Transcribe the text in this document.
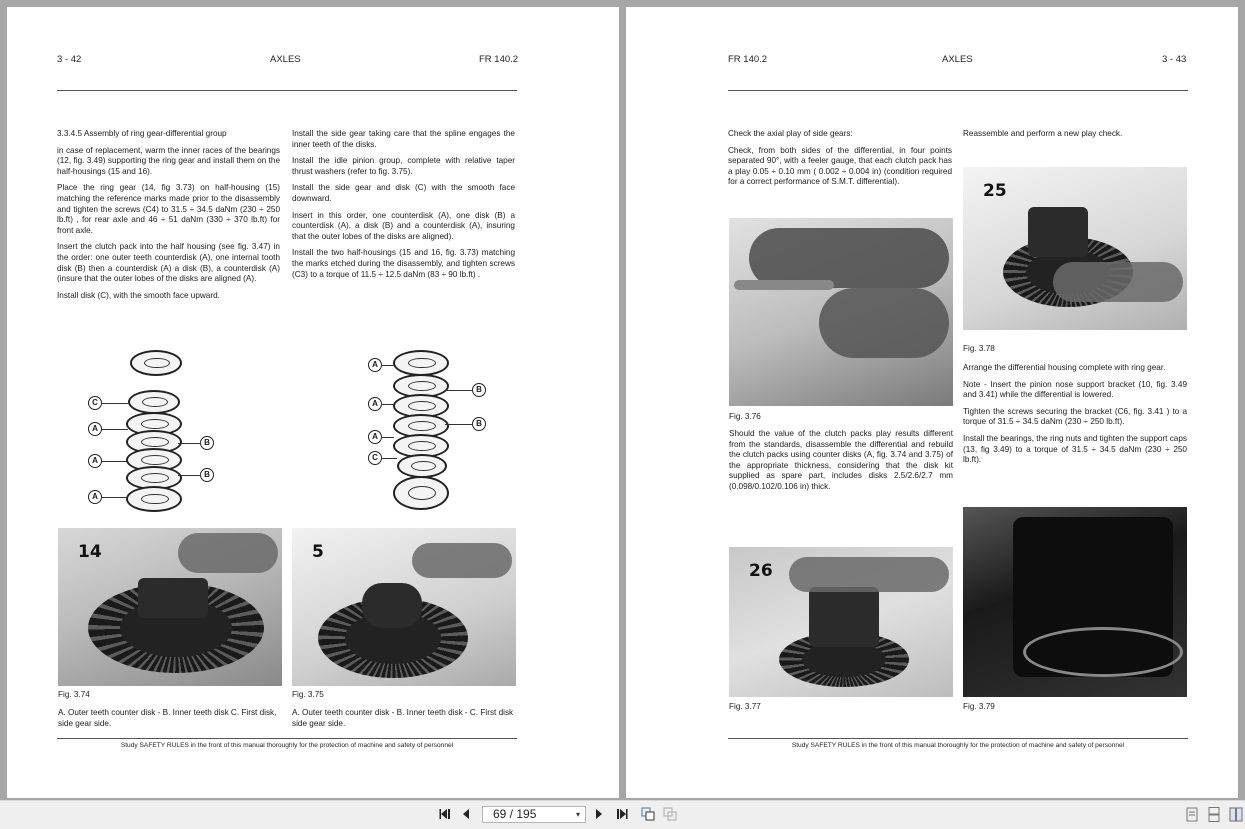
3 - 42	AXLES	FR 140.2

3.3.4.5 Assembly of ring gear-differential group

in case of replacement, warm the inner races of the bearings (12, fig. 3.49) supporting the ring gear and install them on the half-housings (15 and 16).

Place the ring gear (14, fig 3.73) on half-housing (15) matching the reference marks made prior to the disassembly and tighten the screws (C4) to 31.5 ÷ 34.5 daNm (230 ÷ 250 lb.ft) , for rear axle and 46 ÷ 51 daNm (330 ÷ 370 lb.ft) for front axle.

Insert the clutch pack into the half housing (see fig. 3.47) in the order: one outer teeth counterdisk (A), one internal tooth disk (B) then a counterdisk (A) a disk (B), a counterdisk (A) (insure that the outer lobes of the disks are aligned (A).

Install disk (C), with the smooth face upward.

Install the side gear taking care that the spline engages the inner teeth of the disks.

Install the idle pinion group, complete with relative taper thrust washers (refer to fig. 3.75).

Install the side gear and disk (C) with the smooth face downward.

Insert in this order, one counterdisk (A), one disk (B) a counterdisk (A), a disk (B) and a counterdisk (A), insuring that the outer lobes of the disks are aligned).

Install the two half-housings (15 and 16, fig. 3.73) matching the marks etched during the disassembly, and tighten screws (C3) to a torque of 11.5 ÷ 12.5 daNm (83 ÷ 90 lb.ft) .

C
A
A
A
B
B
A
A
A
C
B
B
14	5
Fig. 3.74	Fig. 3.75
A. Outer teeth counter disk - B. Inner teeth disk C. First disk, side gear side.
A. Outer teeth counter disk - B. Inner teeth disk - C. First disk side gear side.
Study SAFETY RULES in the front of this manual thoroughly for the protection of machine and safety of personnel
FR 140.2	AXLES	3 - 43

Check the axial play of side gears:

Check, from both sides of the differential, in four points separated 90°, with a feeler gauge, that each clutch pack has a play 0.05 ÷ 0.10 mm ( 0.002 ÷ 0.004 in) (condition required for a correct performance of S.M.T. differential).

Reassemble and perform a new play check.

25
Fig. 3.78

Arrange the differential housing complete with ring gear.

Note - Insert the pinion nose support bracket (10, fig. 3.49 and 3.41) while the differential is lowered.

Tighten the screws securing the bracket (C6, fig. 3.41 ) to a torque of 31.5 ÷ 34.5 daNm (230 ÷ 250 lb.ft).

Install the bearings, the ring nuts and tighten the support caps (13, fig 3.49) to a torque of 31.5 ÷ 34.5 daNm (230 ÷ 250 lb.ft).

Fig. 3.76

Should the value of the clutch packs play results different from the standards, disassemble the differential and rebuild the clutch packs using counter disks (A, fig. 3.74 and 3.75) of the appropriate thickness, considering that the disk kit supplied as spare part, includes disks 2.5/2.6/2.7 mm (0.098/0.102/0.106 in) thick.

26
Fig. 3.77	Fig. 3.79
Study SAFETY RULES in the front of this manual thoroughly for the protection of machine and safety of personnel
69 / 195	▾
